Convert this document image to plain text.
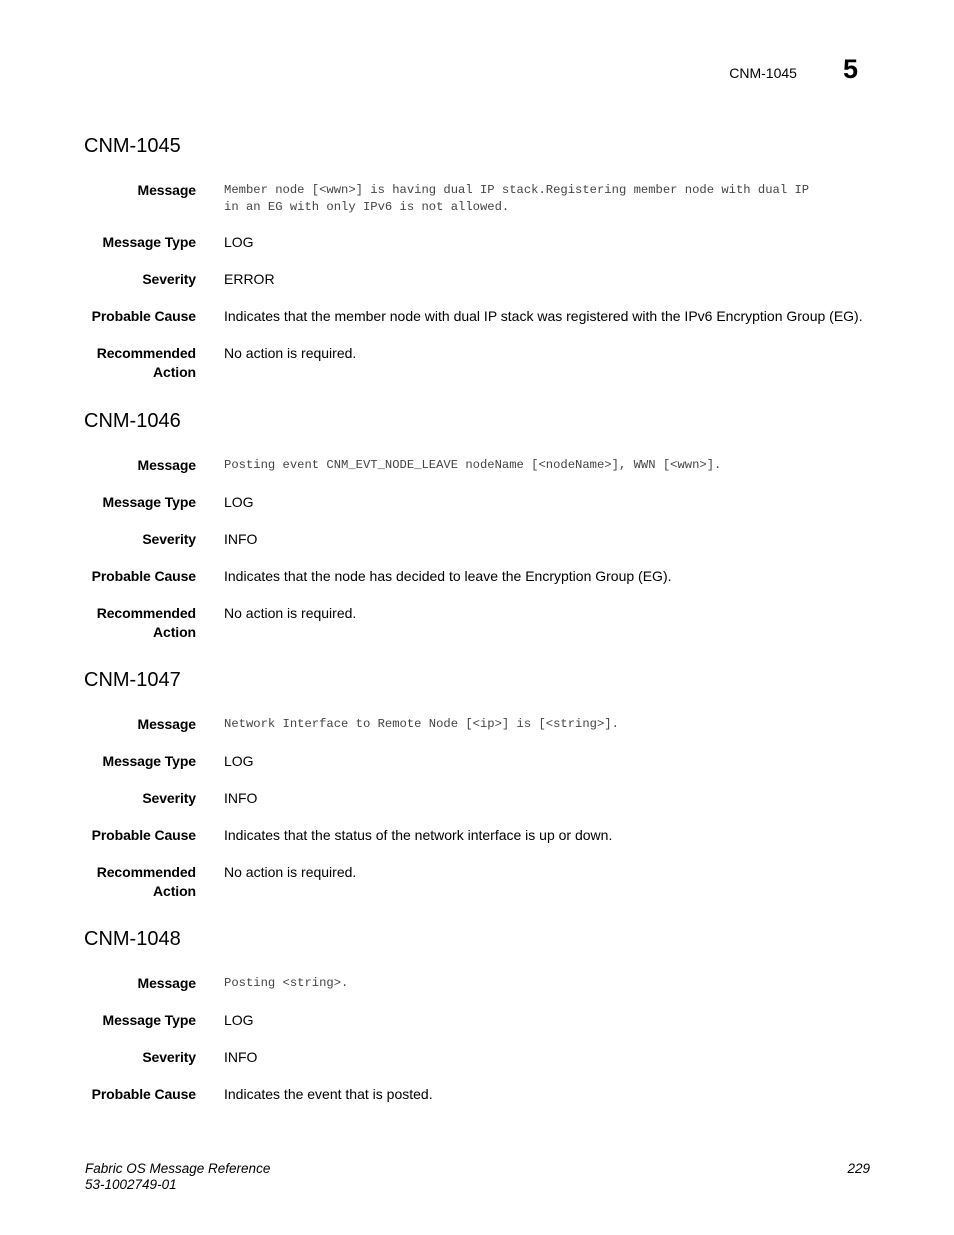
CNM-1045 5
CNM-1045
Message Member node [<wwn>] is having dual IP stack.Registering member node with dual IP
in an EG with only IPv6 is not allowed.
Message Type LOG
Severity ERROR
Probable Cause Indicates that the member node with dual IP stack was registered with the IPv6 Encryption Group (EG).
Recommended
Action
No action is required.
CNM-1046
Message Posting event CNM_EVT_NODE_LEAVE nodeName [<nodeName>], WWN [<wwn>].
Message Type LOG
Severity INFO
Probable Cause Indicates that the node has decided to leave the Encryption Group (EG).
Recommended
Action
No action is required.
CNM-1047
Message Network Interface to Remote Node [<ip>] is [<string>].
Message Type LOG
Severity INFO
Probable Cause Indicates that the status of the network interface is up or down.
Recommended
Action
No action is required.
CNM-1048
Message Posting <string>.
Message Type LOG
Severity INFO
Probable Cause Indicates the event that is posted.
Fabric OS Message Reference
53-1002749-01
229
